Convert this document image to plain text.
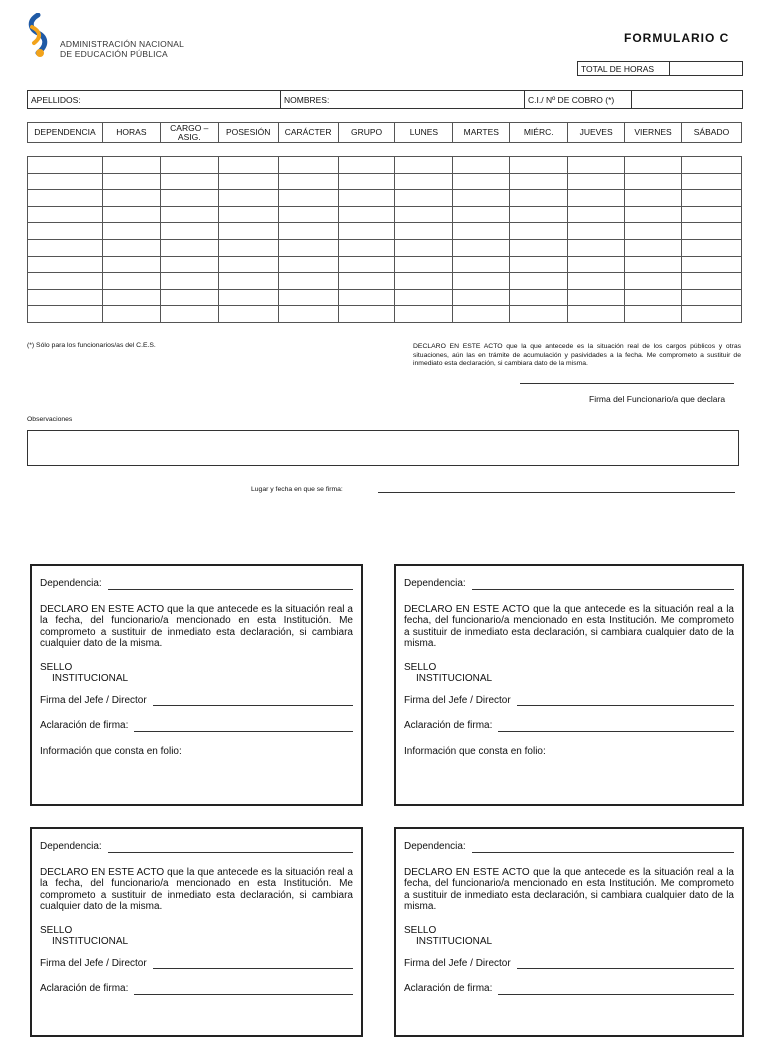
ADMINISTRACIÓN NACIONAL
DE EDUCACIÓN PÚBLICA
FORMULARIO C
TOTAL DE HORAS
APELLIDOS:	NOMBRES:	C.I./ Nº DE COBRO (*)
DEPENDENCIA	HORAS	CARGO – ASIG.	POSESIÓN	CARÁCTER	GRUPO	LUNES	MARTES	MIÉRC.	JUEVES	VIERNES	SÁBADO

(*) Sólo para los funcionarios/as del C.E.S.	DECLARO EN ESTE ACTO que la que antecede es la situación real de los cargos públicos y otras situaciones, aún las en trámite de acumulación y pasividades a la fecha. Me comprometo a sustituir de inmediato esta declaración, si cambiara dato de la misma.
Firma del Funcionario/a que declara
Observaciones
Lugar y fecha en que se firma:
Dependencia:
DECLARO EN ESTE ACTO que la que antecede es la situación real a la fecha, del funcionario/a mencionado en esta Institución. Me comprometo a sustituir de inmediato esta declaración, si cambiara cualquier dato de la misma.
SELLO
INSTITUCIONAL
Firma del Jefe / Director
Aclaración de firma:
Información que consta en folio:
Dependencia:
DECLARO EN ESTE ACTO que la que antecede es la situación real a la fecha, del funcionario/a mencionado en esta Institución. Me comprometo a sustituir de inmediato esta declaración, si cambiara cualquier dato de la misma.
SELLO
INSTITUCIONAL
Firma del Jefe / Director
Aclaración de firma:
Información que consta en folio:
Dependencia:
DECLARO EN ESTE ACTO que la que antecede es la situación real a la fecha, del funcionario/a mencionado en esta Institución. Me comprometo a sustituir de inmediato esta declaración, si cambiara cualquier dato de la misma.
SELLO
INSTITUCIONAL
Firma del Jefe / Director
Aclaración de firma:
Dependencia:
DECLARO EN ESTE ACTO que la que antecede es la situación real a la fecha, del funcionario/a mencionado en esta Institución. Me comprometo a sustituir de inmediato esta declaración, si cambiara cualquier dato de la misma.
SELLO
INSTITUCIONAL
Firma del Jefe / Director
Aclaración de firma:
